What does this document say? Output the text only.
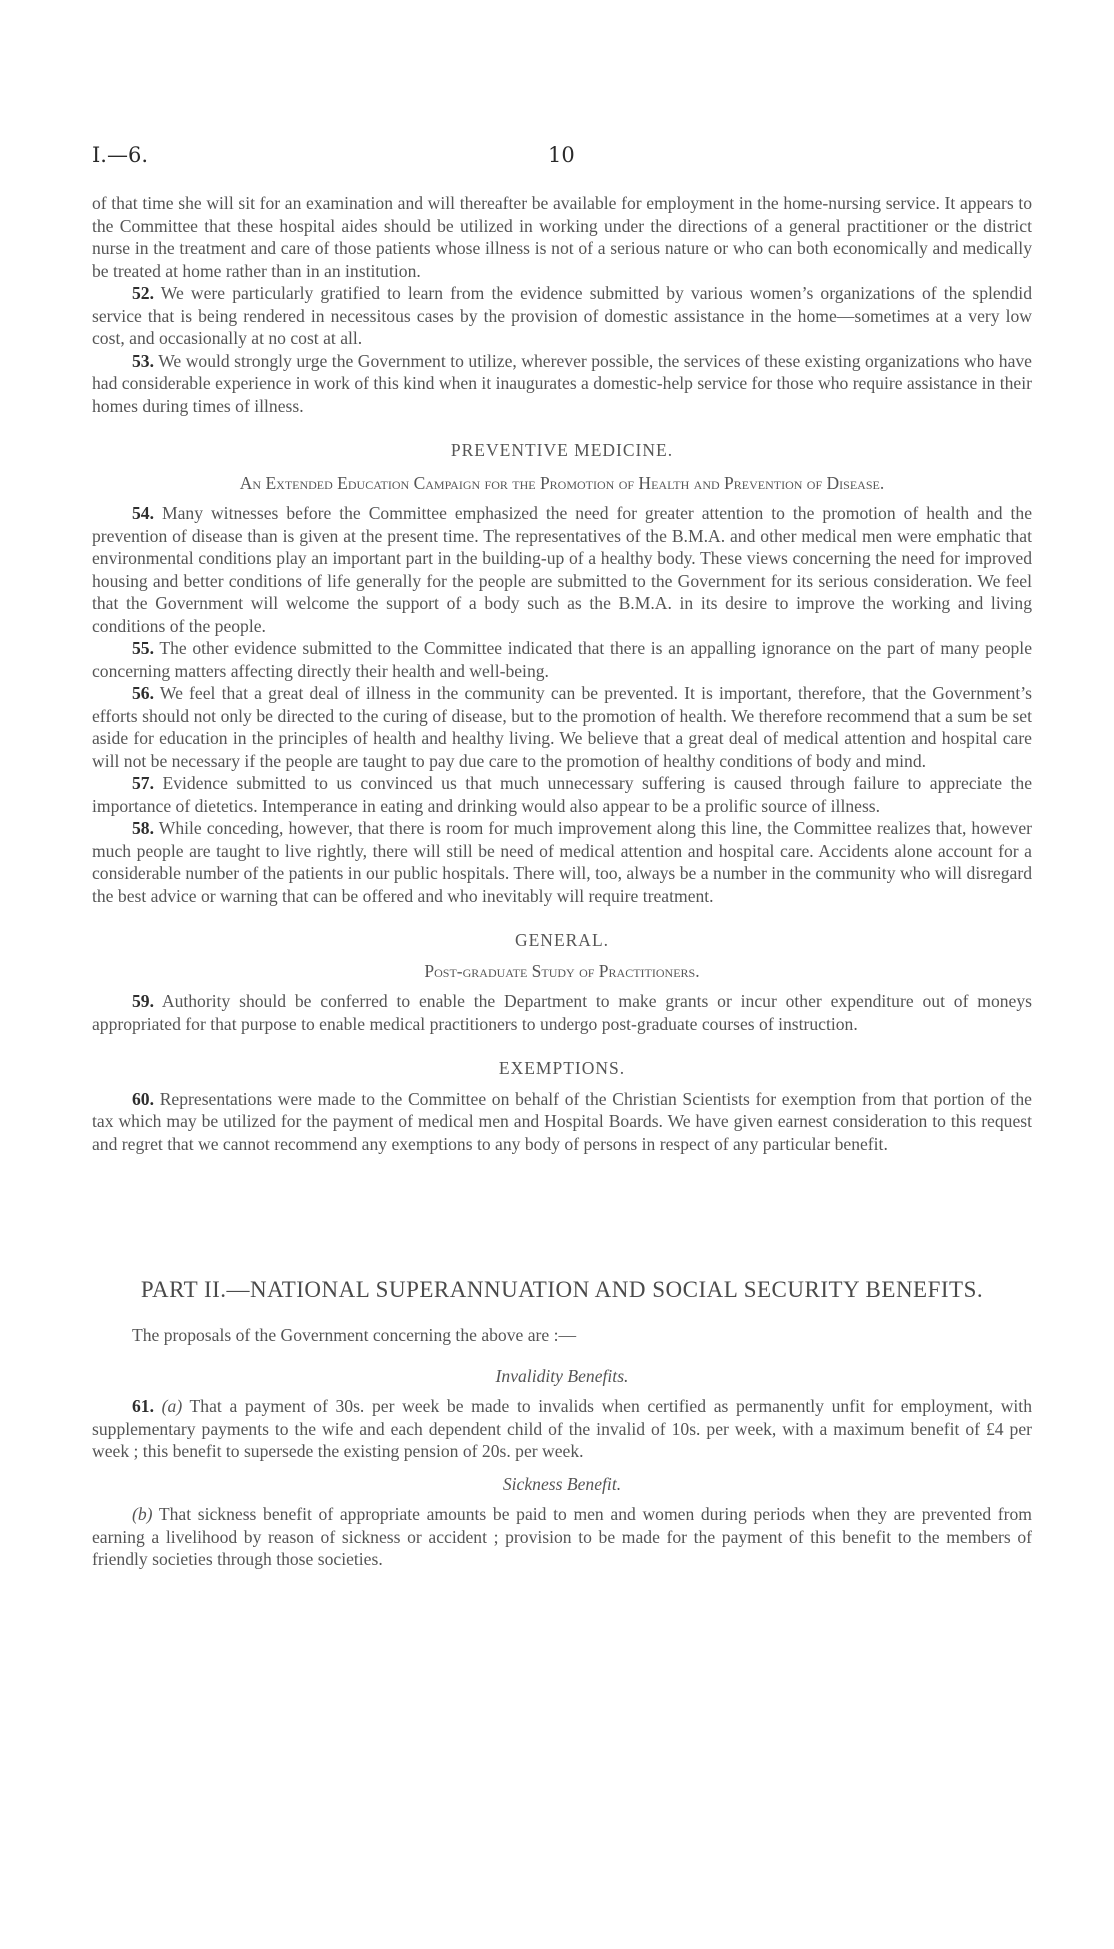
I.—6.	10

of that time she will sit for an examination and will thereafter be available for employment in the home-nursing service. It appears to the Committee that these hospital aides should be utilized in working under the directions of a general practitioner or the district nurse in the treatment and care of those patients whose illness is not of a serious nature or who can both economically and medically be treated at home rather than in an institution.

52. We were particularly gratified to learn from the evidence submitted by various women’s organizations of the splendid service that is being rendered in necessitous cases by the provision of domestic assistance in the home—sometimes at a very low cost, and occasionally at no cost at all.

53. We would strongly urge the Government to utilize, wherever possible, the services of these existing organizations who have had considerable experience in work of this kind when it inaugurates a domestic-help service for those who require assistance in their homes during times of illness.

PREVENTIVE MEDICINE.

An Extended Education Campaign for the Promotion of Health and Prevention of Disease.

54. Many witnesses before the Committee emphasized the need for greater attention to the promotion of health and the prevention of disease than is given at the present time. The representatives of the B.M.A. and other medical men were emphatic that environmental conditions play an important part in the building-up of a healthy body. These views concerning the need for improved housing and better conditions of life generally for the people are submitted to the Government for its serious consideration. We feel that the Government will welcome the support of a body such as the B.M.A. in its desire to improve the working and living conditions of the people.

55. The other evidence submitted to the Committee indicated that there is an appalling ignorance on the part of many people concerning matters affecting directly their health and well-being.

56. We feel that a great deal of illness in the community can be prevented. It is important, therefore, that the Government’s efforts should not only be directed to the curing of disease, but to the promotion of health. We therefore recommend that a sum be set aside for education in the principles of health and healthy living. We believe that a great deal of medical attention and hospital care will not be necessary if the people are taught to pay due care to the promotion of healthy conditions of body and mind.

57. Evidence submitted to us convinced us that much unnecessary suffering is caused through failure to appreciate the importance of dietetics. Intemperance in eating and drinking would also appear to be a prolific source of illness.

58. While conceding, however, that there is room for much improvement along this line, the Committee realizes that, however much people are taught to live rightly, there will still be need of medical attention and hospital care. Accidents alone account for a considerable number of the patients in our public hospitals. There will, too, always be a number in the community who will disregard the best advice or warning that can be offered and who inevitably will require treatment.

GENERAL.

Post-graduate Study of Practitioners.

59. Authority should be conferred to enable the Department to make grants or incur other expenditure out of moneys appropriated for that purpose to enable medical practitioners to undergo post-graduate courses of instruction.

EXEMPTIONS.

60. Representations were made to the Committee on behalf of the Christian Scientists for exemption from that portion of the tax which may be utilized for the payment of medical men and Hospital Boards. We have given earnest consideration to this request and regret that we cannot recommend any exemptions to any body of persons in respect of any particular benefit.

PART II.—NATIONAL SUPERANNUATION AND SOCIAL SECURITY BENEFITS.

The proposals of the Government concerning the above are :—

Invalidity Benefits.

61. (a) That a payment of 30s. per week be made to invalids when certified as permanently unfit for employment, with supplementary payments to the wife and each dependent child of the invalid of 10s. per week, with a maximum benefit of £4 per week ; this benefit to supersede the existing pension of 20s. per week.

Sickness Benefit.

(b) That sickness benefit of appropriate amounts be paid to men and women during periods when they are prevented from earning a livelihood by reason of sickness or accident ; provision to be made for the payment of this benefit to the members of friendly societies through those societies.
